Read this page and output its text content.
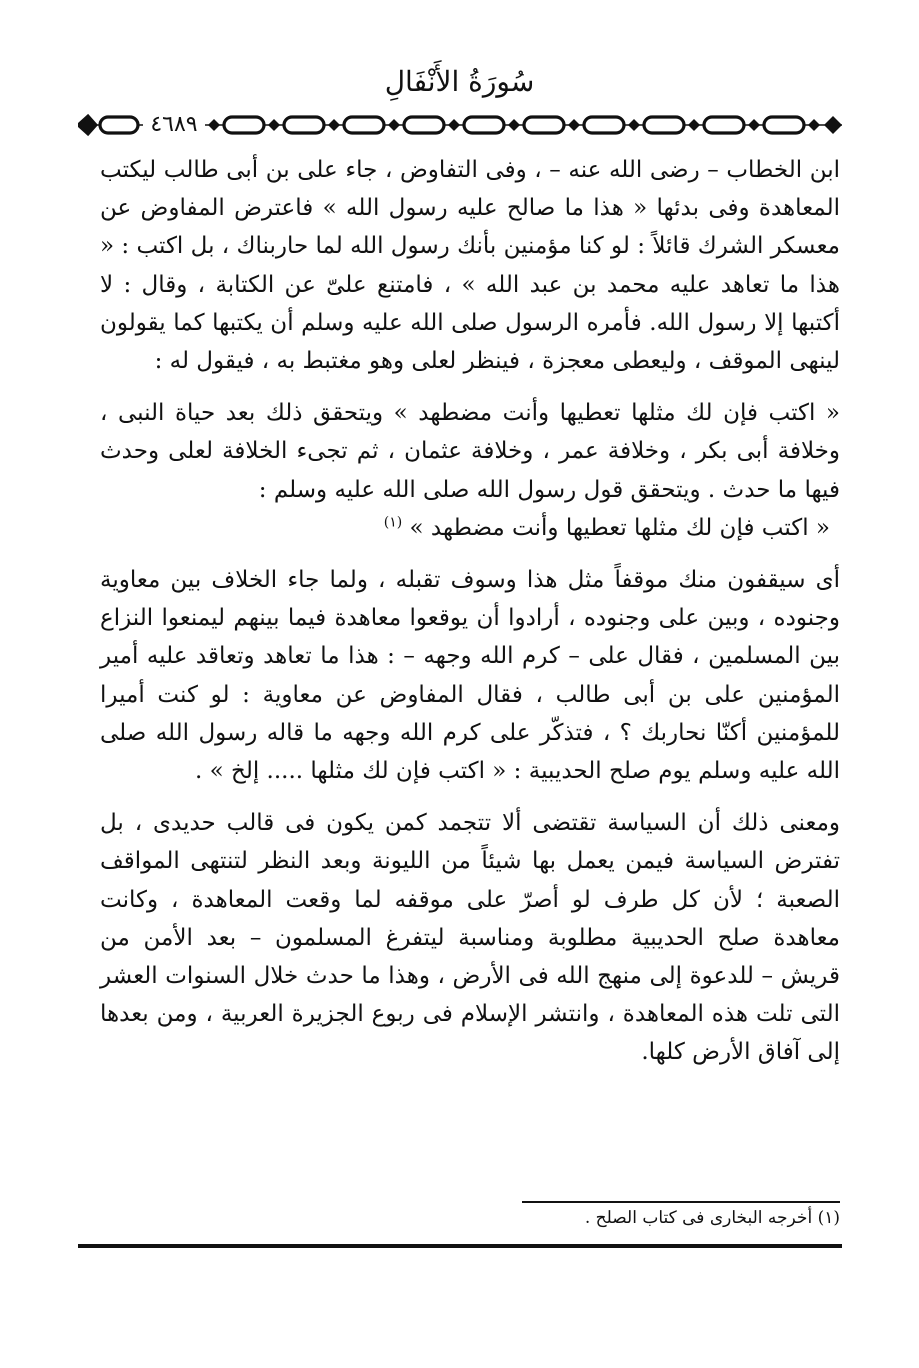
سُورَةُ الأَنْفَالِ
٤٦٨٩

ابن الخطاب – رضى الله عنه – ، وفى التفاوض ، جاء على بن أبى طالب ليكتب المعاهدة وفى بدئها « هذا ما صالح عليه رسول الله » فاعترض المفاوض عن معسكر الشرك قائلاً : لو كنا مؤمنين بأنك رسول الله لما حاربناك ، بل اكتب : « هذا ما تعاهد عليه محمد بن عبد الله » ، فامتنع علىّ عن الكتابة ، وقال : لا أكتبها إلا رسول الله. فأمره الرسول صلى الله عليه وسلم أن يكتبها كما يقولون لينهى الموقف ، وليعطى معجزة ، فينظر لعلى وهو مغتبط به ، فيقول له :

« اكتب فإن لك مثلها تعطيها وأنت مضطهد » ويتحقق ذلك بعد حياة النبى ، وخلافة أبى بكر ، وخلافة عمر ، وخلافة عثمان ، ثم تجىء الخلافة لعلى وحدث فيها ما حدث . ويتحقق قول رسول الله صلى الله عليه وسلم :

« اكتب فإن لك مثلها تعطيها وأنت مضطهد » $^{(١)}$

أى سيقفون منك موقفاً مثل هذا وسوف تقبله ، ولما جاء الخلاف بين معاوية وجنوده ، وبين على وجنوده ، أرادوا أن يوقعوا معاهدة فيما بينهم ليمنعوا النزاع بين المسلمين ، فقال على – كرم الله وجهه – : هذا ما تعاهد وتعاقد عليه أمير المؤمنين على بن أبى طالب ، فقال المفاوض عن معاوية : لو كنت أميرا للمؤمنين أكنّا نحاربك ؟ ، فتذكّر على كرم الله وجهه ما قاله رسول الله صلى الله عليه وسلم يوم صلح الحديبية : « اكتب فإن لك مثلها ..... إلخ » .

ومعنى ذلك أن السياسة تقتضى ألا تتجمد كمن يكون فى قالب حديدى ، بل تفترض السياسة فيمن يعمل بها شيئاً من الليونة وبعد النظر لتنتهى المواقف الصعبة ؛ لأن كل طرف لو أصرّ على موقفه لما وقعت المعاهدة ، وكانت معاهدة صلح الحديبية مطلوبة ومناسبة ليتفرغ المسلمون – بعد الأمن من قريش – للدعوة إلى منهج الله فى الأرض ، وهذا ما حدث خلال السنوات العشر التى تلت هذه المعاهدة ، وانتشر الإسلام فى ربوع الجزيرة العربية ، ومن بعدها إلى آفاق الأرض كلها.

(١) أخرجه البخارى فى كتاب الصلح .
